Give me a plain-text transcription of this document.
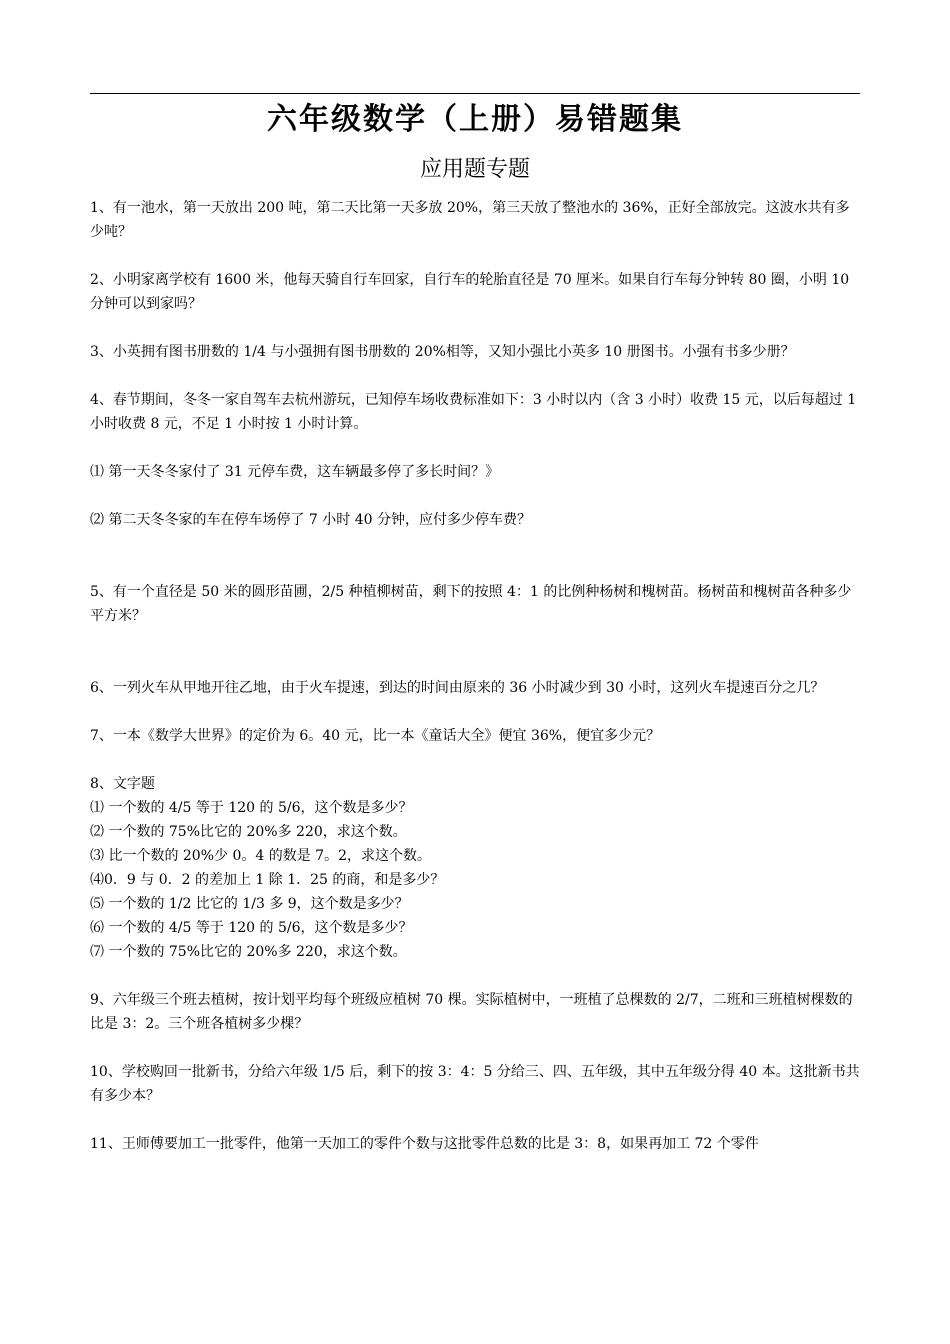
六年级数学（上册）易错题集
应用题专题

1、有一池水，第一天放出 200 吨，第二天比第一天多放 20%，第三天放了整池水的 36%，正好全部放完。这波水共有多少吨？

2、小明家离学校有 1600 米，他每天骑自行车回家，自行车的轮胎直径是 70 厘米。如果自行车每分钟转 80 圈，小明 10 分钟可以到家吗？

3、小英拥有图书册数的 1/4 与小强拥有图书册数的 20%相等，又知小强比小英多 10 册图书。小强有书多少册？

4、春节期间，冬冬一家自驾车去杭州游玩，已知停车场收费标准如下：3 小时以内（含 3 小时）收费 15 元，以后每超过 1 小时收费 8 元，不足 1 小时按 1 小时计算。

⑴ 第一天冬冬家付了 31 元停车费，这车辆最多停了多长时间？》

⑵ 第二天冬冬家的车在停车场停了 7 小时 40 分钟，应付多少停车费？

5、有一个直径是 50 米的圆形苗圃，2/5 种植柳树苗，剩下的按照 4：1 的比例种杨树和槐树苗。杨树苗和槐树苗各种多少平方米？

6、一列火车从甲地开往乙地，由于火车提速，到达的时间由原来的 36 小时减少到 30 小时，这列火车提速百分之几？

7、一本《数学大世界》的定价为 6。40 元，比一本《童话大全》便宜 36%，便宜多少元？

8、文字题

⑴ 一个数的 4/5 等于 120 的 5/6，这个数是多少？

⑵ 一个数的 75%比它的 20%多 220，求这个数。

⑶ 比一个数的 20%少 0。4 的数是 7。2，求这个数。

⑷0．9 与 0．2 的差加上 1 除 1．25 的商，和是多少？

⑸ 一个数的 1/2 比它的 1/3 多 9，这个数是多少？

⑹ 一个数的 4/5 等于 120 的 5/6，这个数是多少？

⑺ 一个数的 75%比它的 20%多 220，求这个数。

9、六年级三个班去植树，按计划平均每个班级应植树 70 棵。实际植树中，一班植了总棵数的 2/7，二班和三班植树棵数的比是 3：2。三个班各植树多少棵？

10、学校购回一批新书，分给六年级 1/5 后，剩下的按 3：4：5 分给三、四、五年级，其中五年级分得 40 本。这批新书共有多少本？

11、王师傅要加工一批零件，他第一天加工的零件个数与这批零件总数的比是 3：8，如果再加工 72 个零件
